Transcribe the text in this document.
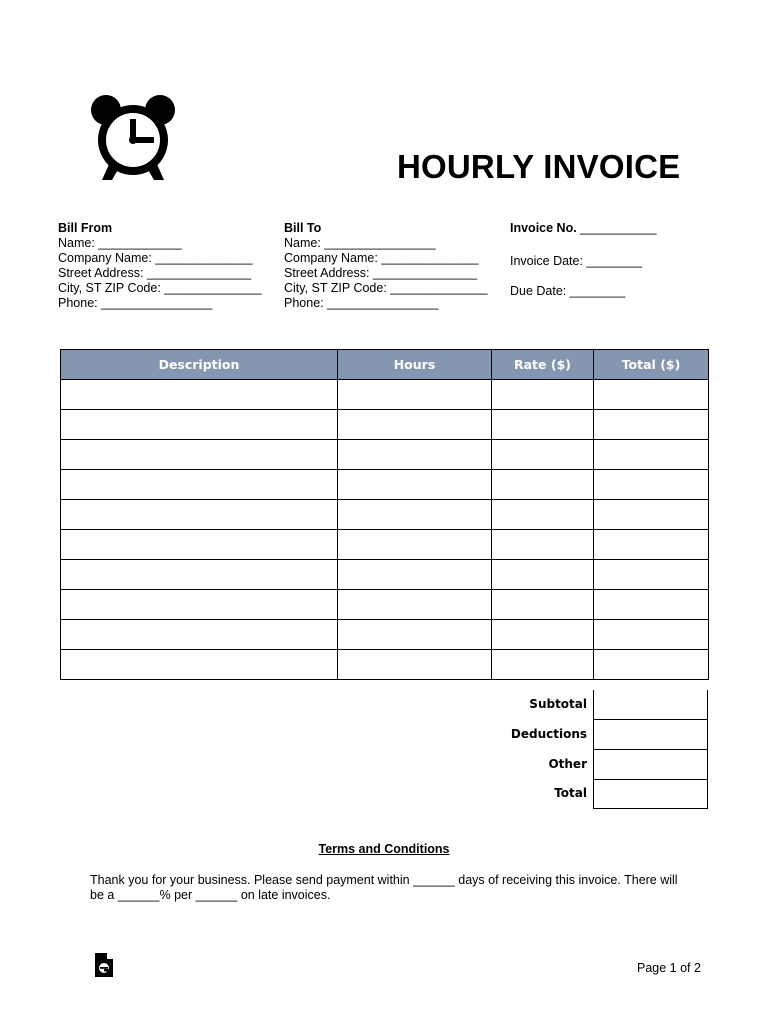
HOURLY INVOICE
Bill From
Name: ____________
Company Name: ______________
Street Address: _______________
City, ST ZIP Code: ______________
Phone: ________________
Bill To
Name: ________________
Company Name: ______________
Street Address: _______________
City, ST ZIP Code: ______________
Phone: ________________
Invoice No. ___________
Invoice Date: ________
Due Date: ________
Description	Hours	Rate ($)	Total ($)

Subtotal
Deductions
Other
Total
Terms and Conditions
Thank you for your business. Please send payment within ______ days of receiving this invoice. There will be a ______% per ______ on late invoices.
Page 1 of 2
